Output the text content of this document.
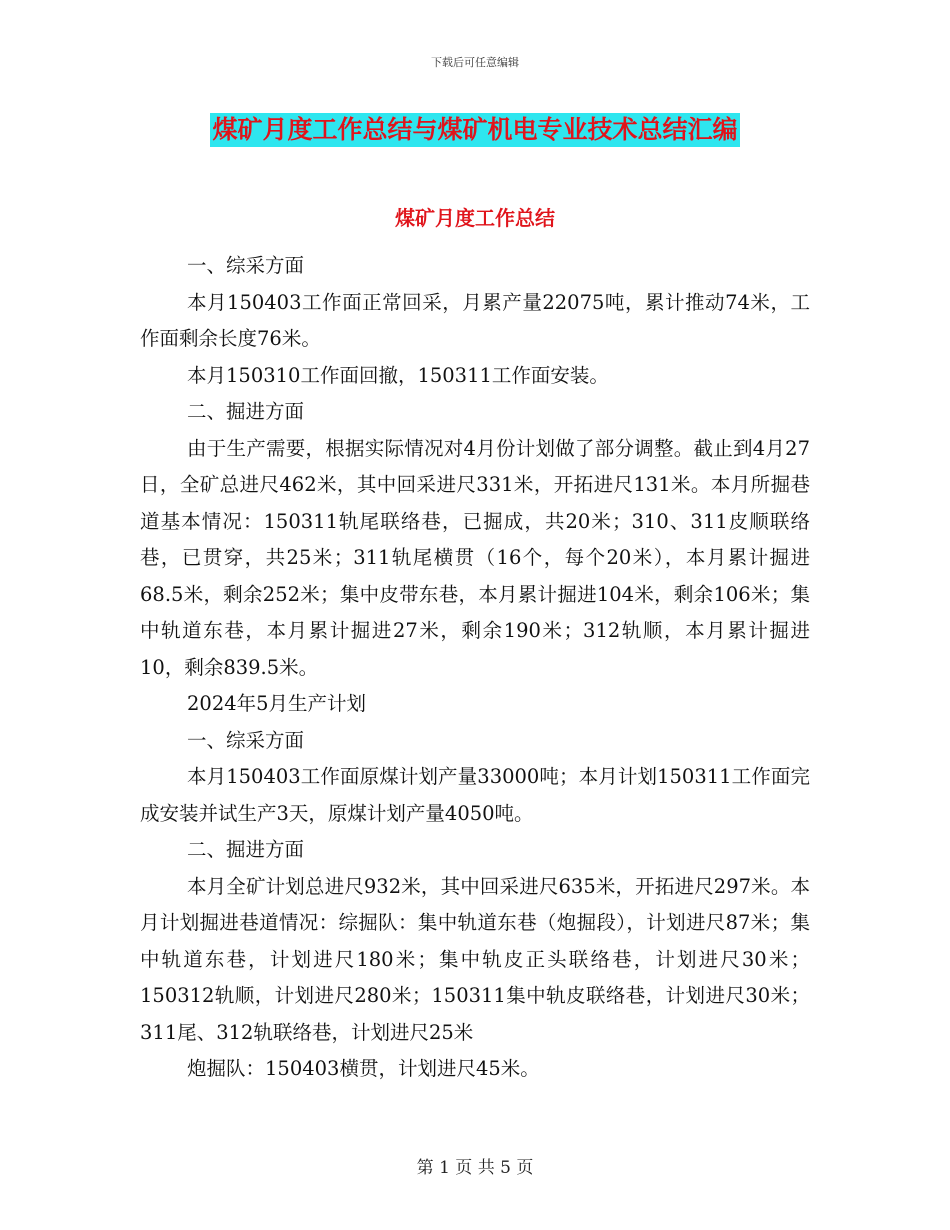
下载后可任意编辑
煤矿月度工作总结与煤矿机电专业技术总结汇编
煤矿月度工作总结

一、综采方面

本月150403工作面正常回采，月累产量22075吨，累计推动74米，工作面剩余长度76米。

本月150310工作面回撤，150311工作面安装。

二、掘进方面

由于生产需要，根据实际情况对4月份计划做了部分调整。截止到4月27日，全矿总进尺462米，其中回采进尺331米，开拓进尺131米。本月所掘巷道基本情况：150311轨尾联络巷，已掘成，共20米；310、311皮顺联络巷，已贯穿，共25米；311轨尾横贯（16个，每个20米），本月累计掘进68.5米，剩余252米；集中皮带东巷，本月累计掘进104米，剩余106米；集中轨道东巷，本月累计掘进27米，剩余190米；312轨顺，本月累计掘进10，剩余839.5米。

2024年5月生产计划

一、综采方面

本月150403工作面原煤计划产量33000吨；本月计划150311工作面完成安装并试生产3天，原煤计划产量4050吨。

二、掘进方面

本月全矿计划总进尺932米，其中回采进尺635米，开拓进尺297米。本月计划掘进巷道情况：综掘队：集中轨道东巷（炮掘段），计划进尺87米；集中轨道东巷，计划进尺180米；集中轨皮正头联络巷，计划进尺30米；150312轨顺，计划进尺280米；150311集中轨皮联络巷，计划进尺30米；311尾、312轨联络巷，计划进尺25米

炮掘队：150403横贯，计划进尺45米。

第 1 页 共 5 页
